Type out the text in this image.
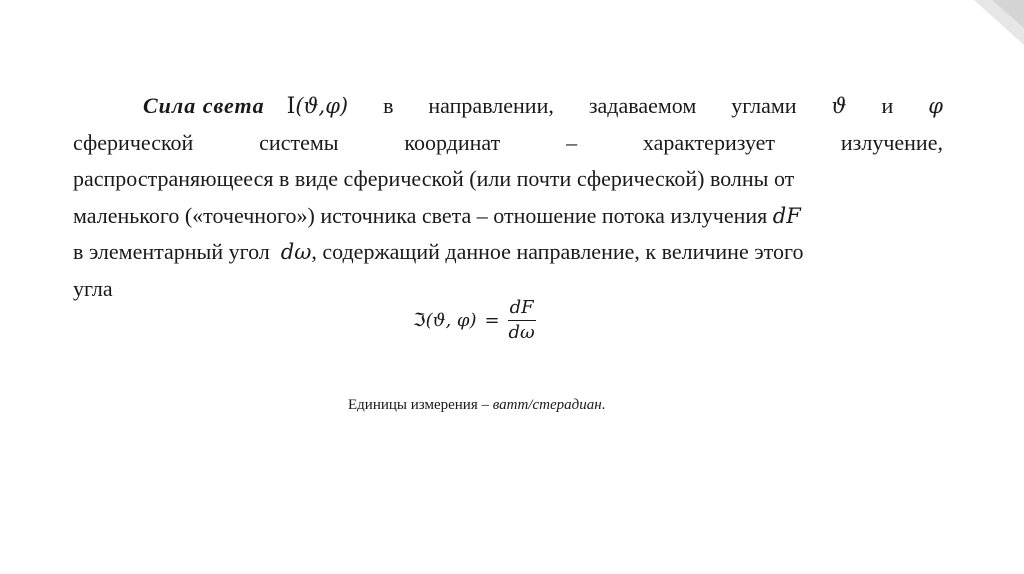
Сила света I(ϑ,φ) в направлении, задаваемом углами ϑ и φ
сферической	системы	координат	–	характеризует	излучение,
распространяющееся в виде сферической (или почти сферической) волны от
маленького («точечного») источника света – отношение потока излучения dF
в элементарный угол dω, содержащий данное направление, к величине этого
угла
ℑ(ϑ, $\varphi) = \frac{dF}{d\omega}$
Единицы измерения – ватт/стерадиан.
